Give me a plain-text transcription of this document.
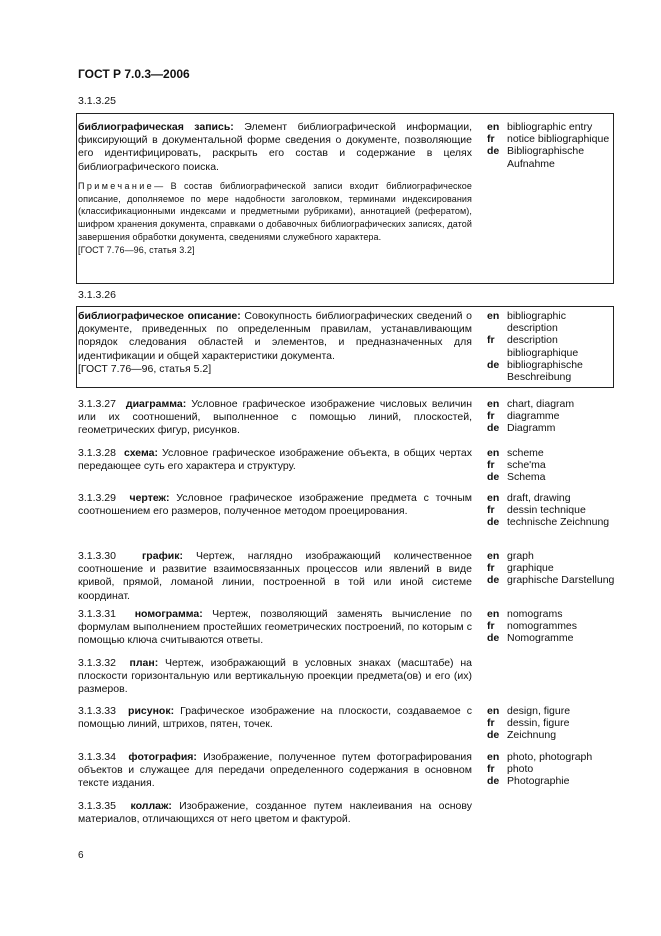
ГОСТ Р 7.0.3—2006
3.1.3.25

библиографическая запись: Элемент библиографической информации, фиксирующий в документальной форме сведения о документе, позволяющие его идентифицировать, раскрыть его состав и содержание в целях библиографического поиска.

Примечание— В состав библиографической записи входит библиографическое описание, дополняемое по мере надобности заголовком, терминами индексирования (классификационными индексами и предметными рубриками), аннотацией (рефератом), шифром хранения документа, справками о добавочных библиографических записях, датой завершения обработки документа, сведениями служебного характера.

[ГОСТ 7.76—96, статья 3.2]

en bibliographic entry
fr	notice bibliographique
de Bibliographische Aufnahme
3.1.3.26

библиографическое описание: Совокупность библиографических сведений о документе, приведенных по определенным правилам, устанавливающим порядок следования областей и элементов, и предназначенных для идентификации и общей характеристики документа.

[ГОСТ 7.76—96, статья 5.2]

en bibliographic description
fr	description bibliographique
de bibliographische Beschreibung

3.1.3.27 диаграмма: Условное графическое изображение числовых величин или их соотношений, выполненное с помощью линий, плоскостей, геометрических фигур, рисунков.

en chart, diagram
fr	diagramme
de Diagramm

3.1.3.28 схема: Условное графическое изображение объекта, в общих чертах передающее суть его характера и структуру.

en scheme
fr	sche'ma
de Schema

3.1.3.29 чертеж: Условное графическое изображение предмета с точным соотношением его размеров, полученное методом проецирования.

en draft, drawing
fr	dessin technique
de technische Zeichnung

3.1.3.30 график: Чертеж, наглядно изображающий количественное соотношение и развитие взаимосвязанных процессов или явлений в виде кривой, прямой, ломаной линии, построенной в той или иной системе координат.

en graph
fr	graphique
de graphische Darstellung

3.1.3.31 номограмма: Чертеж, позволяющий заменять вычисление по формулам выполнением простейших геометрических построений, по которым с помощью ключа считываются ответы.

en nomograms
fr	nomogrammes
de Nomogramme

3.1.3.32 план: Чертеж, изображающий в условных знаках (масштабе) на плоскости горизонтальную или вертикальную проекции предмета(ов) и его (их) размеров.

3.1.3.33 рисунок: Графическое изображение на плоскости, создаваемое с помощью линий, штрихов, пятен, точек.

en design, figure
fr	dessin, figure
de Zeichnung

3.1.3.34 фотография: Изображение, полученное путем фотографирования объектов и служащее для передачи определенного содержания в основном тексте издания.

en photo, photograph
fr	photo
de Photographie

3.1.3.35 коллаж: Изображение, созданное путем наклеивания на основу материалов, отличающихся от него цветом и фактурой.

6
